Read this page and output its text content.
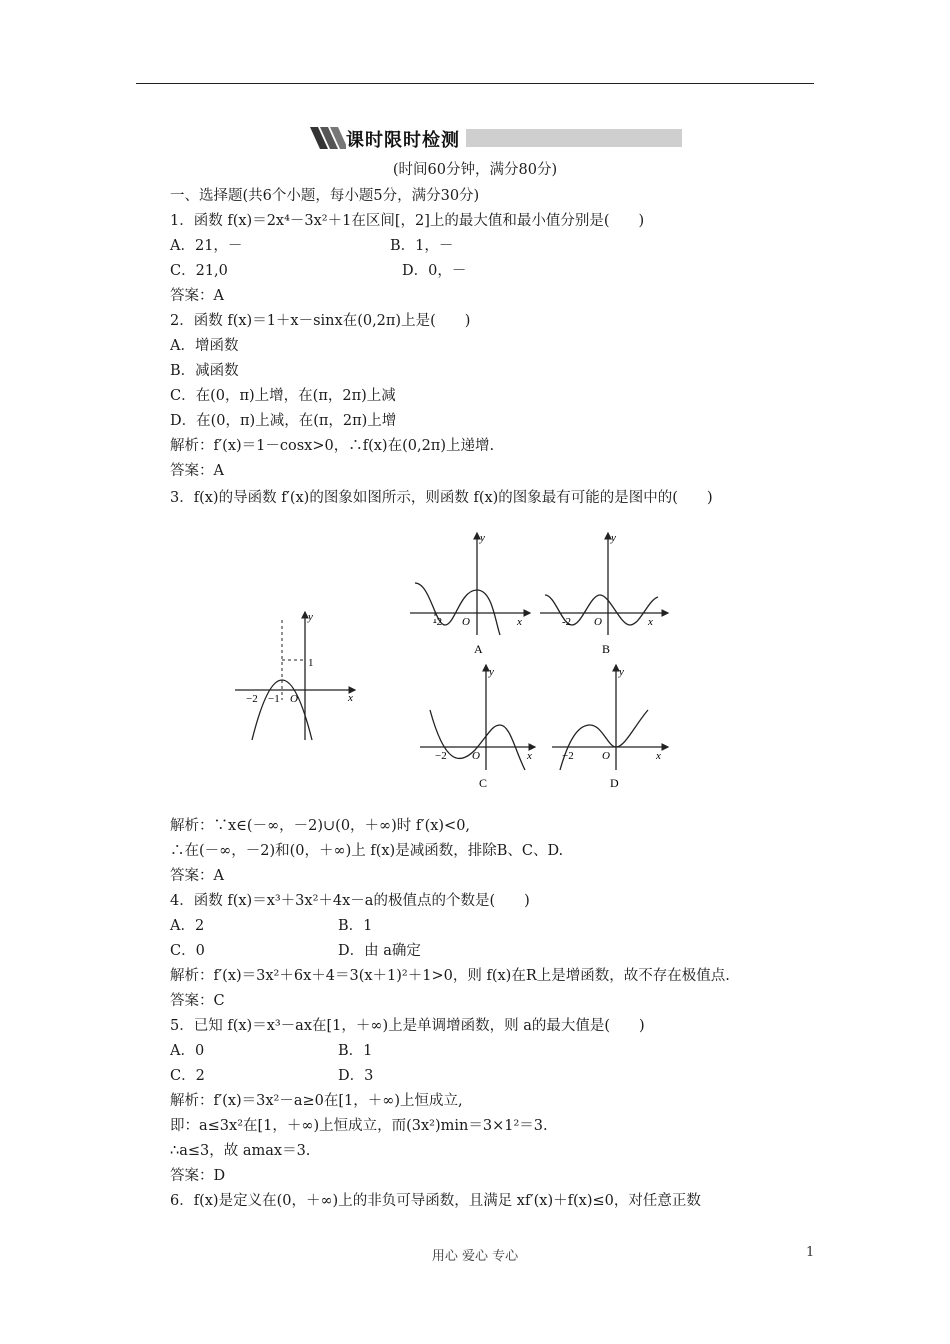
课时限时检测
(时间60分钟，满分80分)
一、选择题(共6个小题，每小题5分，满分30分)
1．函数 f(x)＝2x⁴－3x²＋1在区间[，2]上的最大值和最小值分别是(　　)
A．21，－	B．1，－
C．21,0	D．0，－
答案：A
2．函数 f(x)＝1＋x－sinx在(0,2π)上是(　　)
A．增函数
B．减函数
C．在(0，π)上增，在(π，2π)上减
D．在(0，π)上减，在(π，2π)上增
解析：f′(x)＝1－cosx>0，∴f(x)在(0,2π)上递增.
答案：A
3．f(x)的导函数 f′(x)的图象如图所示，则函数 f(x)的图象最有可能的是图中的(　　)
y
x
1
−2 −1 O
y
x
-2 O
A
y
x
-2 O
B
y
x
−2 O
C
y
x
−2	O
D
解析：∵x∈(－∞，－2)∪(0，＋∞)时 f′(x)<0,
∴在(－∞，－2)和(0，＋∞)上 f(x)是减函数，排除B、C、D.
答案：A
4．函数 f(x)＝x³＋3x²＋4x－a的极值点的个数是(　　)
A．2	B．1
C．0	D．由 a确定
解析：f′(x)＝3x²＋6x＋4＝3(x＋1)²＋1>0，则 f(x)在R上是增函数，故不存在极值点.
答案：C
5．已知 f(x)＝x³－ax在[1，＋∞)上是单调增函数，则 a的最大值是(　　)
A．0	B．1
C．2	D．3
解析：f′(x)＝3x²－a≥0在[1，＋∞)上恒成立,
即：a≤3x²在[1，＋∞)上恒成立，而(3x²)min＝3×1²＝3.
∴a≤3，故 amax＝3.
答案：D
6．f(x)是定义在(0，＋∞)上的非负可导函数，且满足 xf′(x)＋f(x)≤0，对任意正数
用心 爱心 专心	1
